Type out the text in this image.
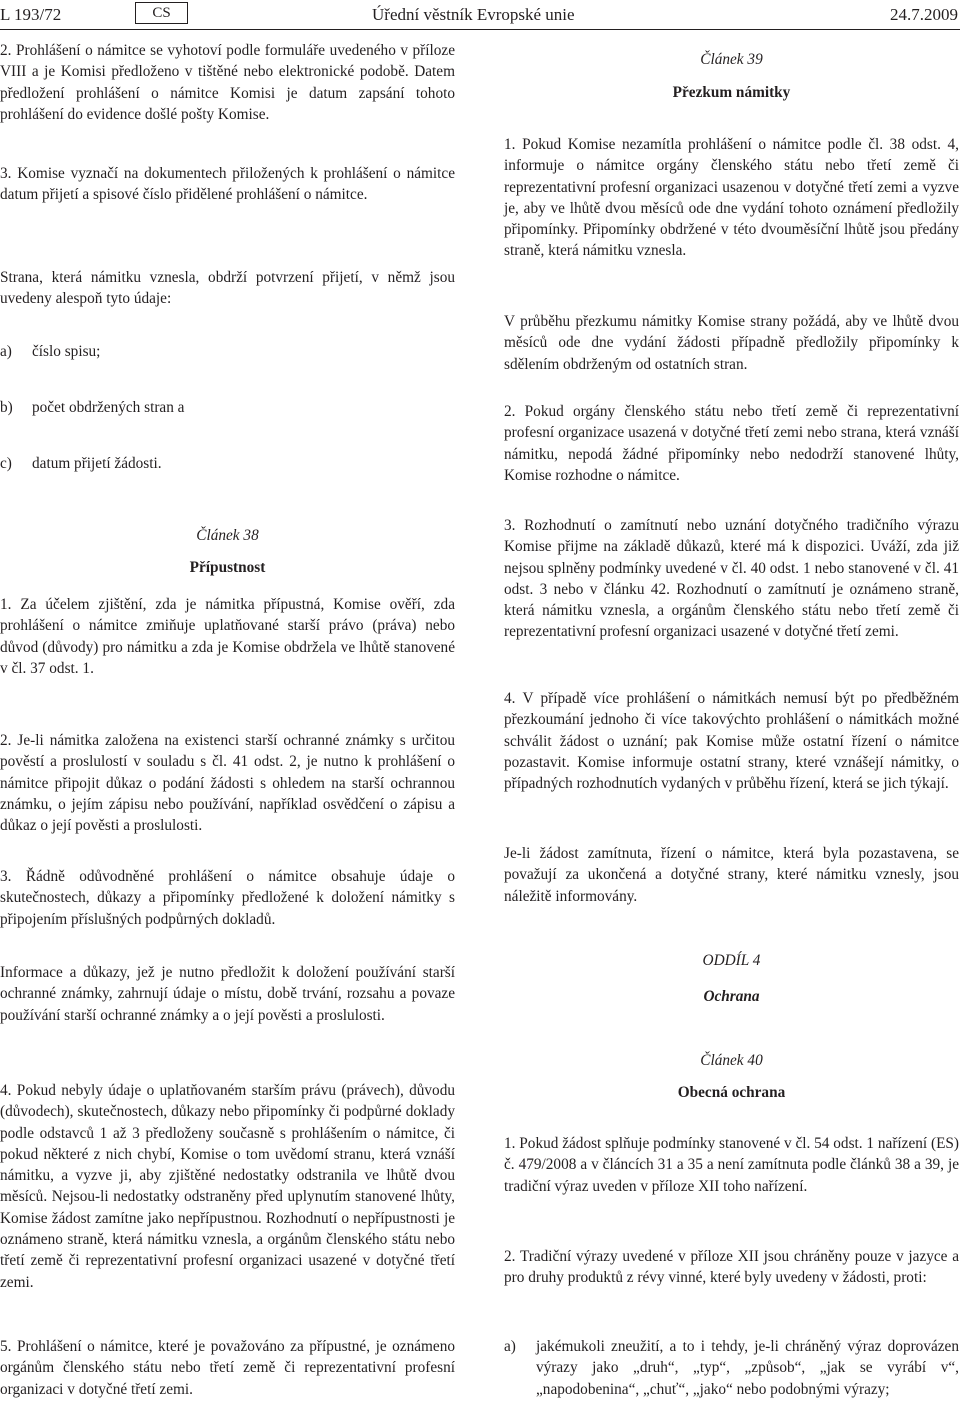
L 193/72	CS	Úřední věstník Evropské unie	24.7.2009

2. Prohlášení o námitce se vyhotoví podle formuláře uvedeného v příloze VIII a je Komisi předloženo v tištěné nebo elektronické podobě. Datem předložení prohlášení o námitce Komisi je datum zapsání tohoto prohlášení do evidence došlé pošty Komise.

3. Komise vyznačí na dokumentech přiložených k prohlášení o námitce datum přijetí a spisové číslo přidělené prohlášení o námitce.

Strana, která námitku vznesla, obdrží potvrzení přijetí, v němž jsou uvedeny alespoň tyto údaje:

a) číslo spisu;
b) počet obdržených stran a
c) datum přijetí žádosti.

Článek 38

Přípustnost

1. Za účelem zjištění, zda je námitka přípustná, Komise ověří, zda prohlášení o námitce zmiňuje uplatňované starší právo (práva) nebo důvod (důvody) pro námitku a zda je Komise obdržela ve lhůtě stanovené v čl. 37 odst. 1.

2. Je-li námitka založena na existenci starší ochranné známky s určitou pověstí a proslulostí v souladu s čl. 41 odst. 2, je nutno k prohlášení o námitce připojit důkaz o podání žádosti s ohledem na starší ochrannou známku, o jejím zápisu nebo používání, například osvědčení o zápisu a důkaz o její pověsti a proslulosti.

3. Řádně odůvodněné prohlášení o námitce obsahuje údaje o skutečnostech, důkazy a připomínky předložené k doložení námitky s připojením příslušných podpůrných dokladů.

Informace a důkazy, jež je nutno předložit k doložení používání starší ochranné známky, zahrnují údaje o místu, době trvání, rozsahu a povaze používání starší ochranné známky a o její pověsti a proslulosti.

4. Pokud nebyly údaje o uplatňovaném starším právu (právech), důvodu (důvodech), skutečnostech, důkazy nebo připomínky či podpůrné doklady podle odstavců 1 až 3 předloženy současně s prohlášením o námitce, či pokud některé z nich chybí, Komise o tom uvědomí stranu, která vznáší námitku, a vyzve ji, aby zjištěné nedostatky odstranila ve lhůtě dvou měsíců. Nejsou-li nedostatky odstraněny před uplynutím stanovené lhůty, Komise žádost zamítne jako nepřípustnou. Rozhodnutí o nepřípustnosti je oznámeno straně, která námitku vznesla, a orgánům členského státu nebo třetí země či reprezentativní profesní organizaci usazené v dotyčné třetí zemi.

5. Prohlášení o námitce, které je považováno za přípustné, je oznámeno orgánům členského státu nebo třetí země či reprezentativní profesní organizaci v dotyčné třetí zemi.

Článek 39

Přezkum námitky

1. Pokud Komise nezamítla prohlášení o námitce podle čl. 38 odst. 4, informuje o námitce orgány členského státu nebo třetí země či reprezentativní profesní organizaci usazenou v dotyčné třetí zemi a vyzve je, aby ve lhůtě dvou měsíců ode dne vydání tohoto oznámení předložily připomínky. Připomínky obdržené v této dvouměsíční lhůtě jsou předány straně, která námitku vznesla.

V průběhu přezkumu námitky Komise strany požádá, aby ve lhůtě dvou měsíců ode dne vydání žádosti případně předložily připomínky k sdělením obdrženým od ostatních stran.

2. Pokud orgány členského státu nebo třetí země či reprezentativní profesní organizace usazená v dotyčné třetí zemi nebo strana, která vznáší námitku, nepodá žádné připomínky nebo nedodrží stanovené lhůty, Komise rozhodne o námitce.

3. Rozhodnutí o zamítnutí nebo uznání dotyčného tradičního výrazu Komise přijme na základě důkazů, které má k dispozici. Uváží, zda již nejsou splněny podmínky uvedené v čl. 40 odst. 1 nebo stanovené v čl. 41 odst. 3 nebo v článku 42. Rozhodnutí o zamítnutí je oznámeno straně, která námitku vznesla, a orgánům členského státu nebo třetí země či reprezentativní profesní organizaci usazené v dotyčné třetí zemi.

4. V případě více prohlášení o námitkách nemusí být po předběžném přezkoumání jednoho či více takovýchto prohlášení o námitkách možné schválit žádost o uznání; pak Komise může ostatní řízení o námitce pozastavit. Komise informuje ostatní strany, které vznášejí námitky, o případných rozhodnutích vydaných v průběhu řízení, která se jich týkají.

Je-li žádost zamítnuta, řízení o námitce, která byla pozastavena, se považují za ukončená a dotyčné strany, které námitku vznesly, jsou náležitě informovány.

ODDÍL 4

Ochrana

Článek 40

Obecná ochrana

1. Pokud žádost splňuje podmínky stanovené v čl. 54 odst. 1 nařízení (ES) č. 479/2008 a v článcích 31 a 35 a není zamítnuta podle článků 38 a 39, je tradiční výraz uveden v příloze XII toho nařízení.

2. Tradiční výrazy uvedené v příloze XII jsou chráněny pouze v jazyce a pro druhy produktů z révy vinné, které byly uvedeny v žádosti, proti:

a) jakémukoli zneužití, a to i tehdy, je-li chráněný výraz doprovázen výrazy jako „druh“, „typ“, „způsob“, „jak se vyrábí v“, „napodobenina“, „chuť“, „jako“ nebo podobnými výrazy;
